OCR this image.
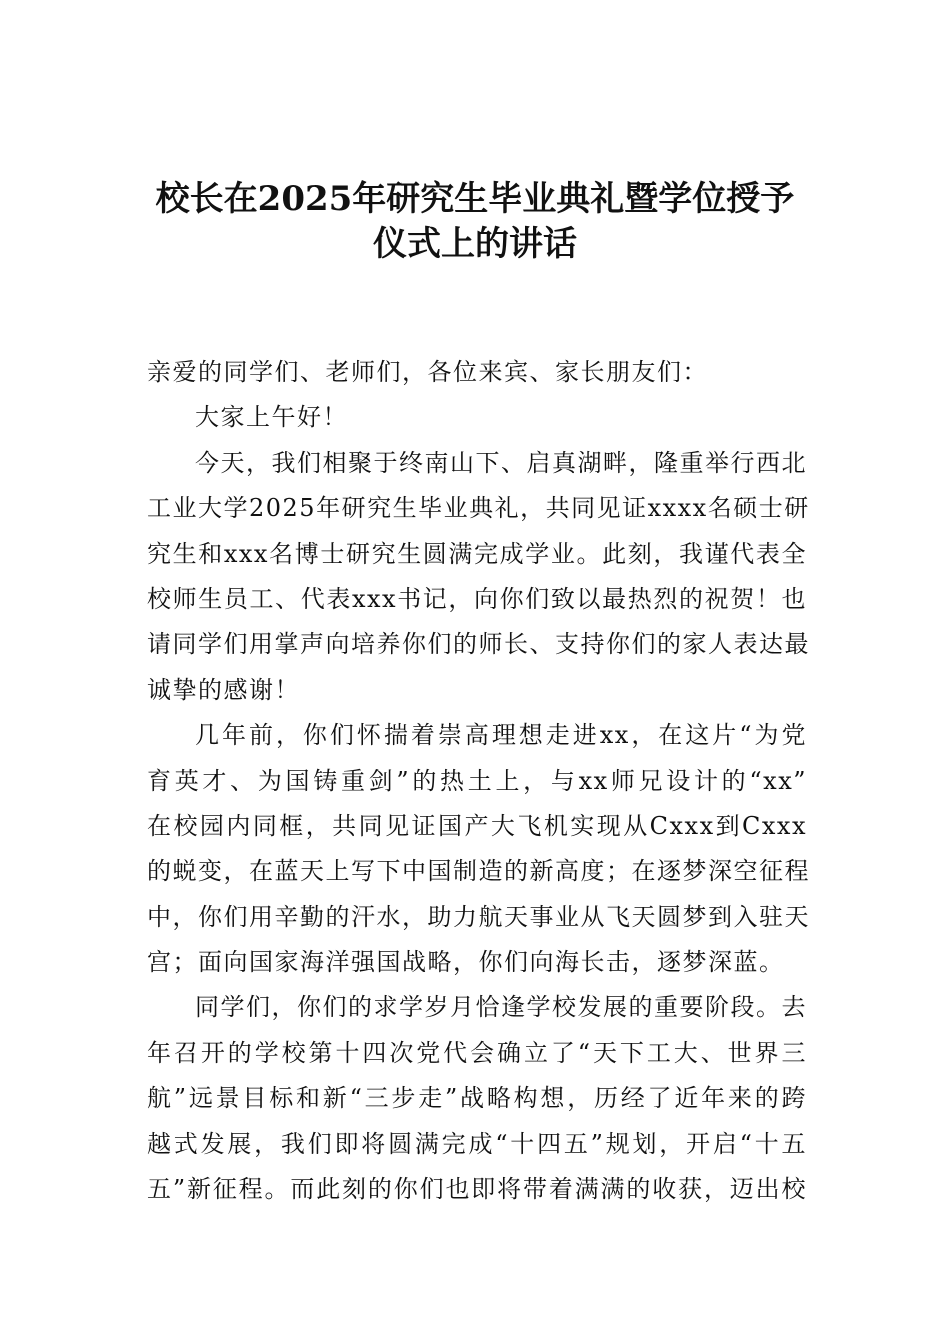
校长在2025年研究生毕业典礼暨学位授予
仪式上的讲话

亲爱的同学们、老师们，各位来宾、家长朋友们：

大家上午好！

今天，我们相聚于终南山下、启真湖畔，隆重举行西北

工业大学2025年研究生毕业典礼，共同见证xxxx名硕士研

究生和xxx名博士研究生圆满完成学业。此刻，我谨代表全

校师生员工、代表xxx书记，向你们致以最热烈的祝贺！也

请同学们用掌声向培养你们的师长、支持你们的家人表达最

诚挚的感谢！

几年前，你们怀揣着崇高理想走进xx，在这片“为党

育英才、为国铸重剑”的热土上，与xx师兄设计的“xx”

在校园内同框，共同见证国产大飞机实现从Cxxx到Cxxx

的蜕变，在蓝天上写下中国制造的新高度；在逐梦深空征程

中，你们用辛勤的汗水，助力航天事业从飞天圆梦到入驻天

宫；面向国家海洋强国战略，你们向海长击，逐梦深蓝。

同学们，你们的求学岁月恰逢学校发展的重要阶段。去

年召开的学校第十四次党代会确立了“天下工大、世界三

航”远景目标和新“三步走”战略构想，历经了近年来的跨

越式发展，我们即将圆满完成“十四五”规划，开启“十五

五”新征程。而此刻的你们也即将带着满满的收获，迈出校
